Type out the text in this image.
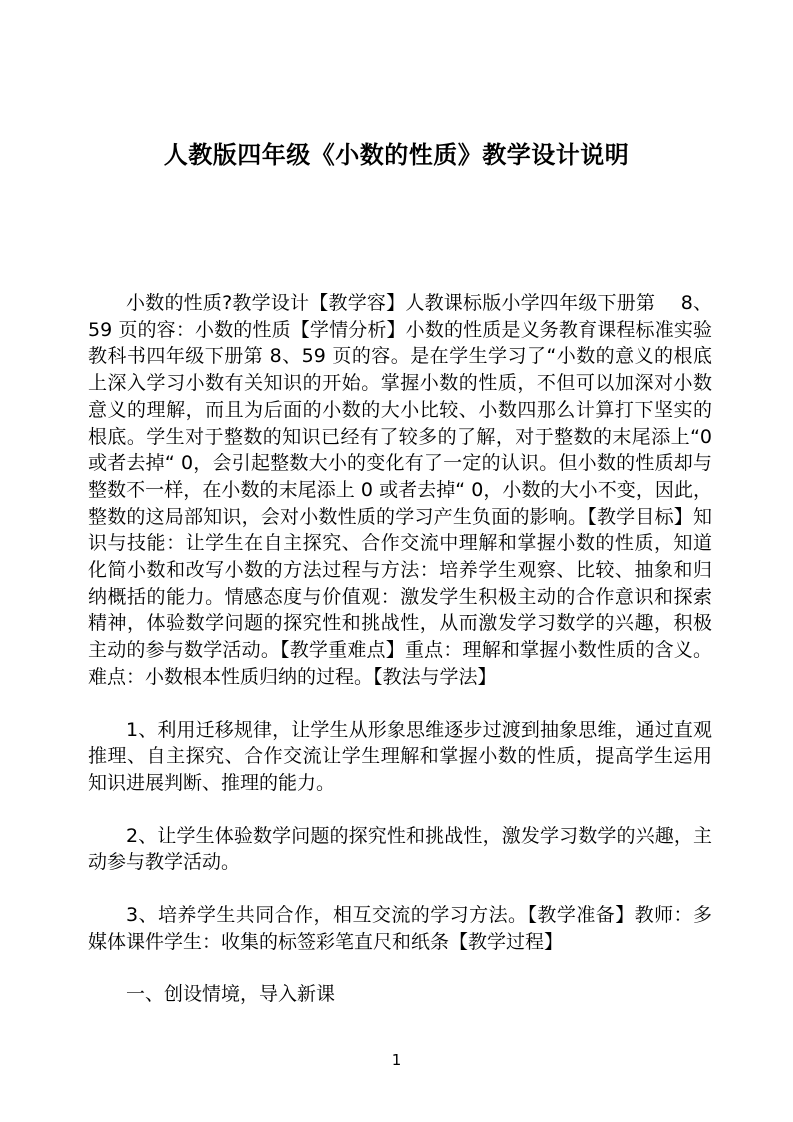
人教版四年级《小数的性质》教学设计说明

小数的性质?教学设计【教学容】人教课标版小学四年级下册第　 8、59 页的容：小数的性质【学情分析】小数的性质是义务教育课程标准实验教科书四年级下册第 8、59 页的容。是在学生学习了“小数的意义的根底上深入学习小数有关知识的开始。掌握小数的性质，不但可以加深对小数意义的理解，而且为后面的小数的大小比较、小数四那么计算打下坚实的根底。学生对于整数的知识已经有了较多的了解，对于整数的末尾添上“0 或者去掉“ 0，会引起整数大小的变化有了一定的认识。但小数的性质却与整数不一样，在小数的末尾添上 0 或者去掉“ 0，小数的大小不变，因此，整数的这局部知识，会对小数性质的学习产生负面的影响。【教学目标】知识与技能：让学生在自主探究、合作交流中理解和掌握小数的性质，知道化简小数和改写小数的方法过程与方法：培养学生观察、比较、抽象和归纳概括的能力。情感态度与价值观：激发学生积极主动的合作意识和探索精神，体验数学问题的探究性和挑战性，从而激发学习数学的兴趣，积极主动的参与数学活动。【教学重难点】重点：理解和掌握小数性质的含义。难点：小数根本性质归纳的过程。【教法与学法】

1、利用迁移规律，让学生从形象思维逐步过渡到抽象思维，通过直观推理、自主探究、合作交流让学生理解和掌握小数的性质，提高学生运用知识进展判断、推理的能力。

2、让学生体验数学问题的探究性和挑战性，激发学习数学的兴趣，主动参与教学活动。

3、培养学生共同合作，相互交流的学习方法。【教学准备】教师：多媒体课件学生：收集的标签彩笔直尺和纸条【教学过程】

一、创设情境，导入新课

1
